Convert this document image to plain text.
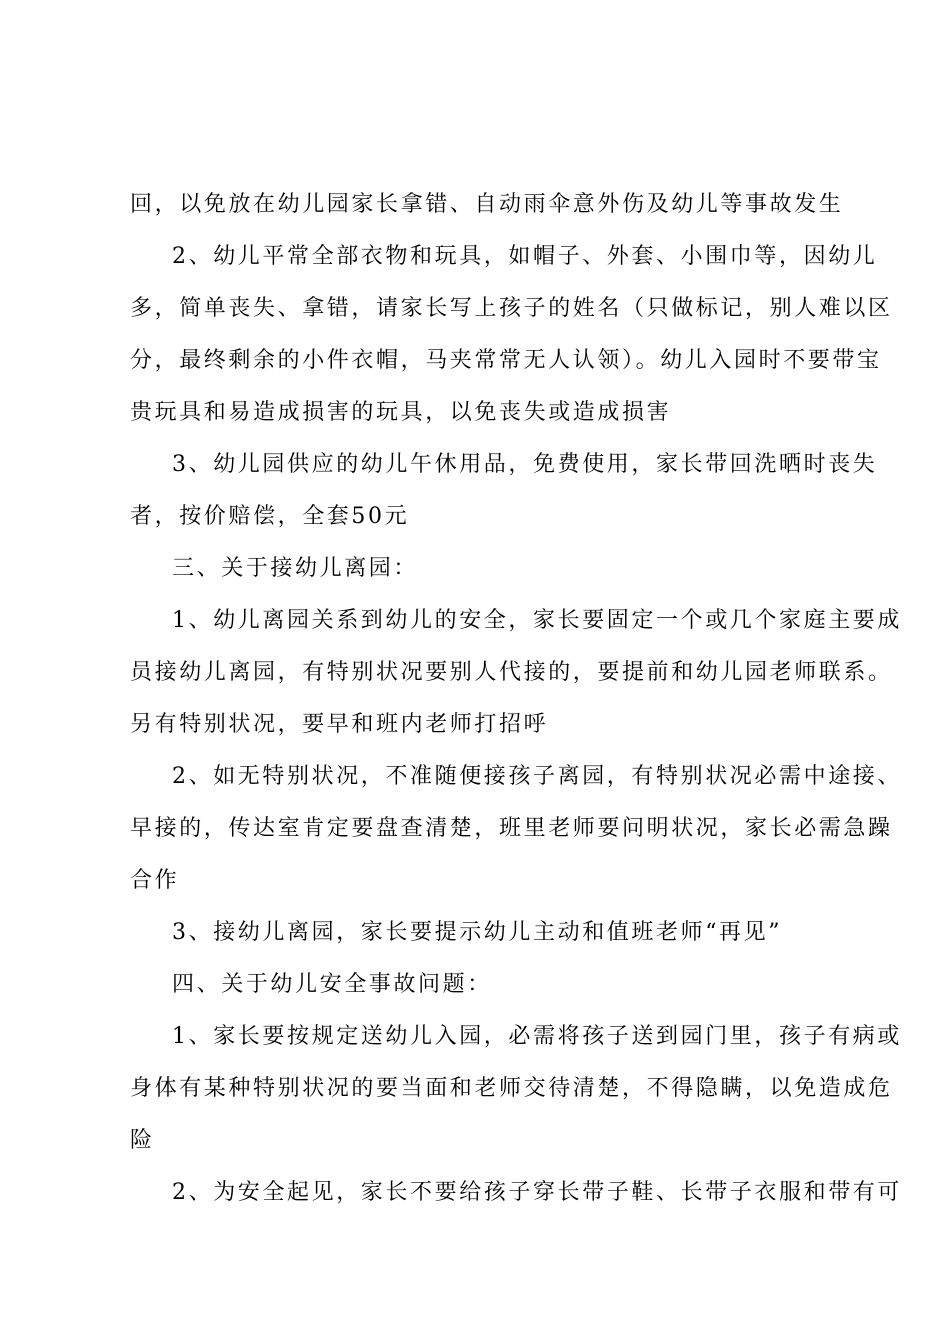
回，以免放在幼儿园家长拿错、自动雨伞意外伤及幼儿等事故发生
2、幼儿平常全部衣物和玩具，如帽子、外套、小围巾等，因幼儿
多，简单丧失、拿错，请家长写上孩子的姓名（只做标记，别人难以区
分，最终剩余的小件衣帽，马夹常常无人认领）。幼儿入园时不要带宝
贵玩具和易造成损害的玩具，以免丧失或造成损害
3、幼儿园供应的幼儿午休用品，免费使用，家长带回洗晒时丧失
者，按价赔偿，全套50元
三、关于接幼儿离园：
1、幼儿离园关系到幼儿的安全，家长要固定一个或几个家庭主要成
员接幼儿离园，有特别状况要别人代接的，要提前和幼儿园老师联系。
另有特别状况，要早和班内老师打招呼
2、如无特别状况，不准随便接孩子离园，有特别状况必需中途接、
早接的，传达室肯定要盘查清楚，班里老师要问明状况，家长必需急躁
合作
3、接幼儿离园，家长要提示幼儿主动和值班老师“再见”
四、关于幼儿安全事故问题：
1、家长要按规定送幼儿入园，必需将孩子送到园门里，孩子有病或
身体有某种特别状况的要当面和老师交待清楚，不得隐瞒，以免造成危
险
2、为安全起见，家长不要给孩子穿长带子鞋、长带子衣服和带有可
